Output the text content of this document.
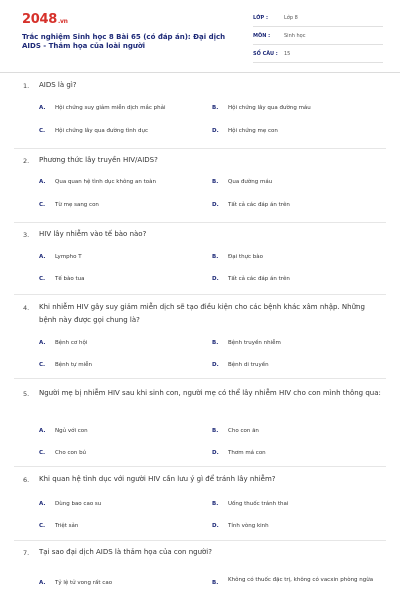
2048.vn
Trắc nghiệm Sinh học 8 Bài 65 (có đáp án): Đại dịch AIDS - Thảm họa của loài người
LỚP :	Lớp 8
MÔN :	Sinh học
SỐ CÂU : 15
1. AIDS là gì?
A. Hội chứng suy giảm miễn dịch mắc phải	B. Hội chứng lây qua đường máu
C. Hội chứng lây qua đường tình dục	D. Hội chứng mẹ con
2. Phương thức lây truyền HIV/AIDS?
A. Qua quan hệ tình dục không an toàn	B. Qua đường máu
C. Từ mẹ sang con	D. Tất cả các đáp án trên
3. HIV lây nhiễm vào tế bào nào?
A. Lympho T	B. Đại thực bào
C. Tế bào tua	D. Tất cả các đáp án trên
4. Khi nhiễm HIV gây suy giảm miễn dịch sẽ tạo điều kiện cho các bệnh khác xâm nhập. Những bệnh này được gọi chung là?
A. Bệnh cơ hội	B. Bệnh truyền nhiễm
C. Bệnh tự miễn	D. Bệnh di truyền
5. Người mẹ bị nhiễm HIV sau khi sinh con, người mẹ có thể lây nhiễm HIV cho con mình thông qua:
A. Ngủ với con	B. Cho con ăn
C. Cho con bú	D. Thơm má con
6. Khi quan hệ tình dục với người HIV cần lưu ý gì để tránh lây nhiễm?
A. Dùng bao cao su	B. Uống thuốc tránh thai
C. Triệt sản	D. Tính vòng kinh
7. Tại sao đại dịch AIDS là thảm họa của con người?
A. Tỷ lệ tử vong rất cao	B. Không có thuốc đặc trị, không có vacxin phòng ngừa
